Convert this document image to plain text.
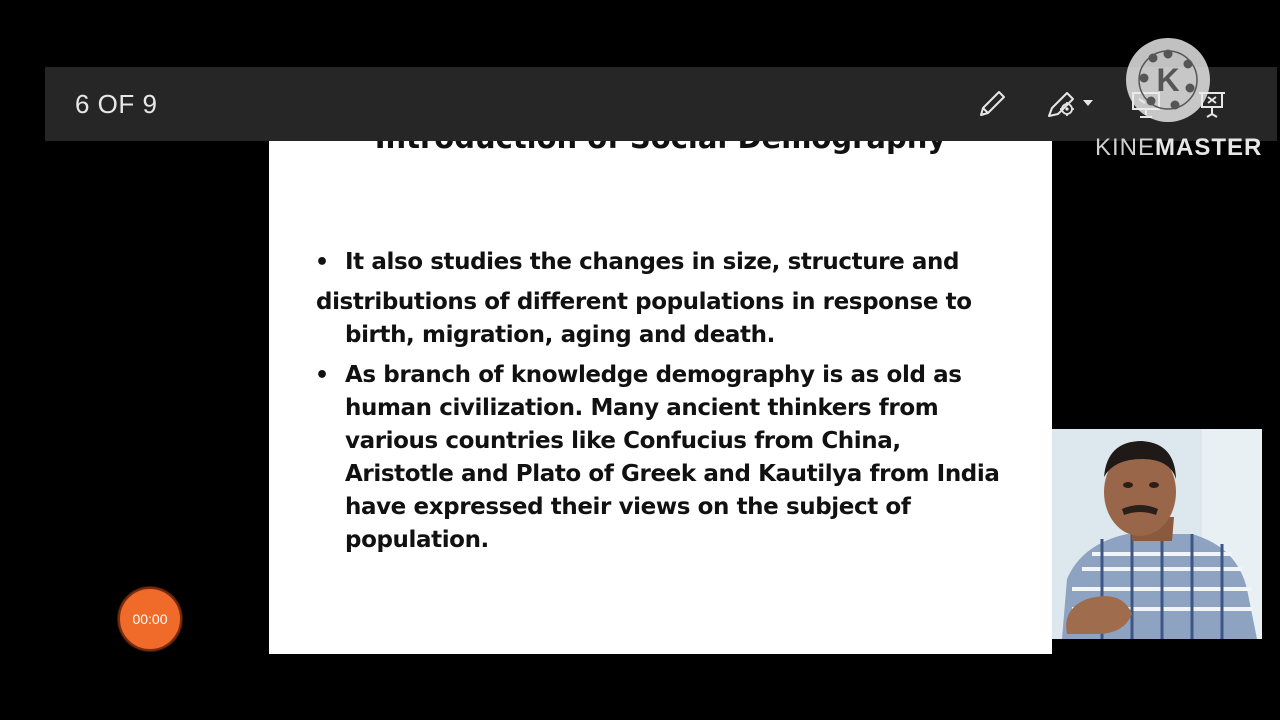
• It also studies the changes in size, structure and
distributions of different populations in response to
birth, migration, aging and death.
• As branch of knowledge demography is as old as
human civilization. Many ancient thinkers from
various countries like Confucius from China,
Aristotle and Plato of Greek and Kautilya from India
have expressed their views on the subject of
population.
6 OF 9
K
KINEMASTER
00:00
